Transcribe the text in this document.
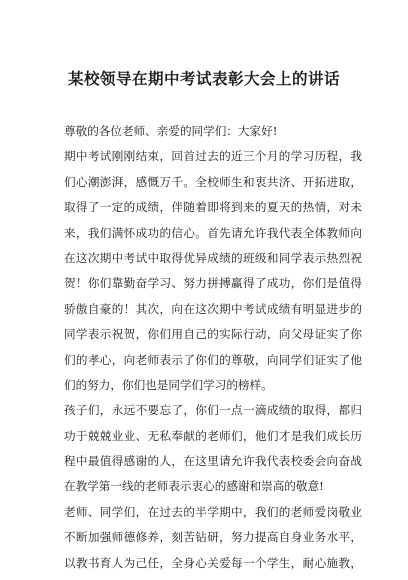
某校领导在期中考试表彰大会上的讲话
尊敬的各位老师、亲爱的同学们：大家好!
期中考试刚刚结束，回首过去的近三个月的学习历程，我
们心潮澎湃，感慨万千。全校师生和衷共济、开拓进取，
取得了一定的成绩，伴随着即将到来的夏天的热情，对未
来，我们满怀成功的信心。首先请允许我代表全体教师向
在这次期中考试中取得优异成绩的班级和同学表示热烈祝
贺！你们靠勤奋学习、努力拼搏赢得了成功，你们是值得
骄傲自豪的！其次，向在这次期中考试成绩有明显进步的
同学表示祝贺，你们用自己的实际行动，向父母证实了你
们的孝心，向老师表示了你们的尊敬，向同学们证实了他
们的努力，你们也是同学们学习的榜样。
孩子们，永远不要忘了，你们一点一滴成绩的取得，都归
功于兢兢业业、无私奉献的老师们，他们才是我们成长历
程中最值得感谢的人，在这里请允许我代表校委会向奋战
在教学第一线的老师表示衷心的感谢和崇高的敬意!
老师、同学们，在过去的半学期中，我们的老师爱岗敬业
不断加强师德修养，刻苦钻研，努力提高自身业务水平，
以教书育人为己任，全身心关爱每一个学生，耐心施教，
